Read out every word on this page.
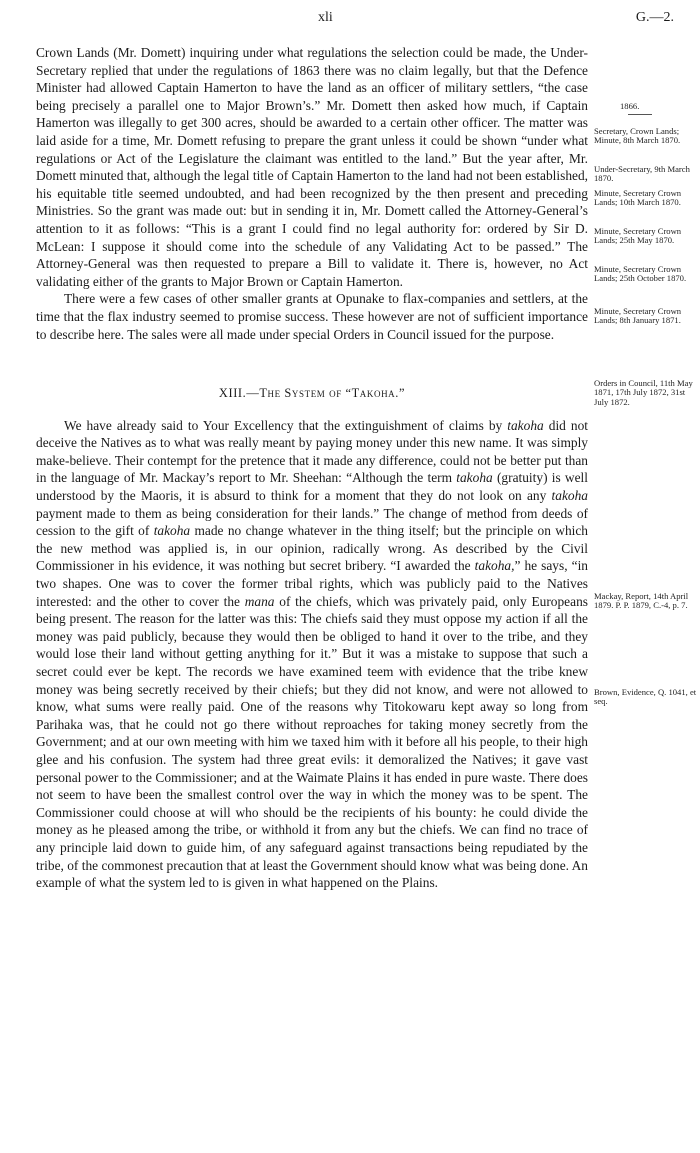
xli	G.—2.

Crown Lands (Mr. Domett) inquiring under what regulations the selection could be made, the Under-Secretary replied that under the regulations of 1863 there was no claim legally, but that the Defence Minister had allowed Captain Hamerton to have the land as an officer of military settlers, “the case being precisely a parallel one to Major Brown’s.” Mr. Domett then asked how much, if Captain Hamerton was illegally to get 300 acres, should be awarded to a certain other officer. The matter was laid aside for a time, Mr. Domett refusing to prepare the grant unless it could be shown “under what regulations or Act of the Legislature the claimant was entitled to the land.” But the year after, Mr. Domett minuted that, although the legal title of Captain Hamerton to the land had not been established, his equitable title seemed undoubted, and had been recognized by the then present and preceding Ministries. So the grant was made out: but in sending it in, Mr. Domett called the Attorney-General’s attention to it as follows: “This is a grant I could find no legal authority for: ordered by Sir D. McLean: I suppose it should come into the schedule of any Validating Act to be passed.” The Attorney-General was then requested to prepare a Bill to validate it. There is, however, no Act validating either of the grants to Major Brown or Captain Hamerton.

There were a few cases of other smaller grants at Opunake to flax-companies and settlers, at the time that the flax industry seemed to promise success. These however are not of sufficient importance to describe here. The sales were all made under special Orders in Council issued for the purpose.

XIII.—The System of “Takoha.”

We have already said to Your Excellency that the extinguishment of claims by takoha did not deceive the Natives as to what was really meant by paying money under this new name. It was simply make-believe. Their contempt for the pretence that it made any difference, could not be better put than in the language of Mr. Mackay’s report to Mr. Sheehan: “Although the term takoha (gratuity) is well understood by the Maoris, it is absurd to think for a moment that they do not look on any takoha payment made to them as being consideration for their lands.” The change of method from deeds of cession to the gift of takoha made no change whatever in the thing itself; but the principle on which the new method was applied is, in our opinion, radically wrong. As described by the Civil Commissioner in his evidence, it was nothing but secret bribery. “I awarded the takoha,” he says, “in two shapes. One was to cover the former tribal rights, which was publicly paid to the Natives interested: and the other to cover the mana of the chiefs, which was privately paid, only Europeans being present. The reason for the latter was this: The chiefs said they must oppose my action if all the money was paid publicly, because they would then be obliged to hand it over to the tribe, and they would lose their land without getting anything for it.” But it was a mistake to suppose that such a secret could ever be kept. The records we have examined teem with evidence that the tribe knew money was being secretly received by their chiefs; but they did not know, and were not allowed to know, what sums were really paid. One of the reasons why Titokowaru kept away so long from Parihaka was, that he could not go there without reproaches for taking money secretly from the Government; and at our own meeting with him we taxed him with it before all his people, to their high glee and his confusion. The system had three great evils: it demoralized the Natives; it gave vast personal power to the Commissioner; and at the Waimate Plains it has ended in pure waste. There does not seem to have been the smallest control over the way in which the money was to be spent. The Commissioner could choose at will who should be the recipients of his bounty: he could divide the money as he pleased among the tribe, or withhold it from any but the chiefs. We can find no trace of any principle laid down to guide him, of any safeguard against transactions being repudiated by the tribe, of the commonest precaution that at least the Government should know what was being done. An example of what the system led to is given in what happened on the Plains.

1866.
Secretary, Crown Lands; Minute, 8th March 1870.
Under-Secretary, 9th March 1870.
Minute, Secretary Crown Lands; 10th March 1870.
Minute, Secretary Crown Lands; 25th May 1870.
Minute, Secretary Crown Lands; 25th October 1870.
Minute, Secretary Crown Lands; 8th January 1871.
Orders in Council, 11th May 1871, 17th July 1872, 31st July 1872.
Mackay, Report, 14th April 1879. P. P. 1879, C.-4, p. 7.
Brown, Evidence, Q. 1041, et seq.
